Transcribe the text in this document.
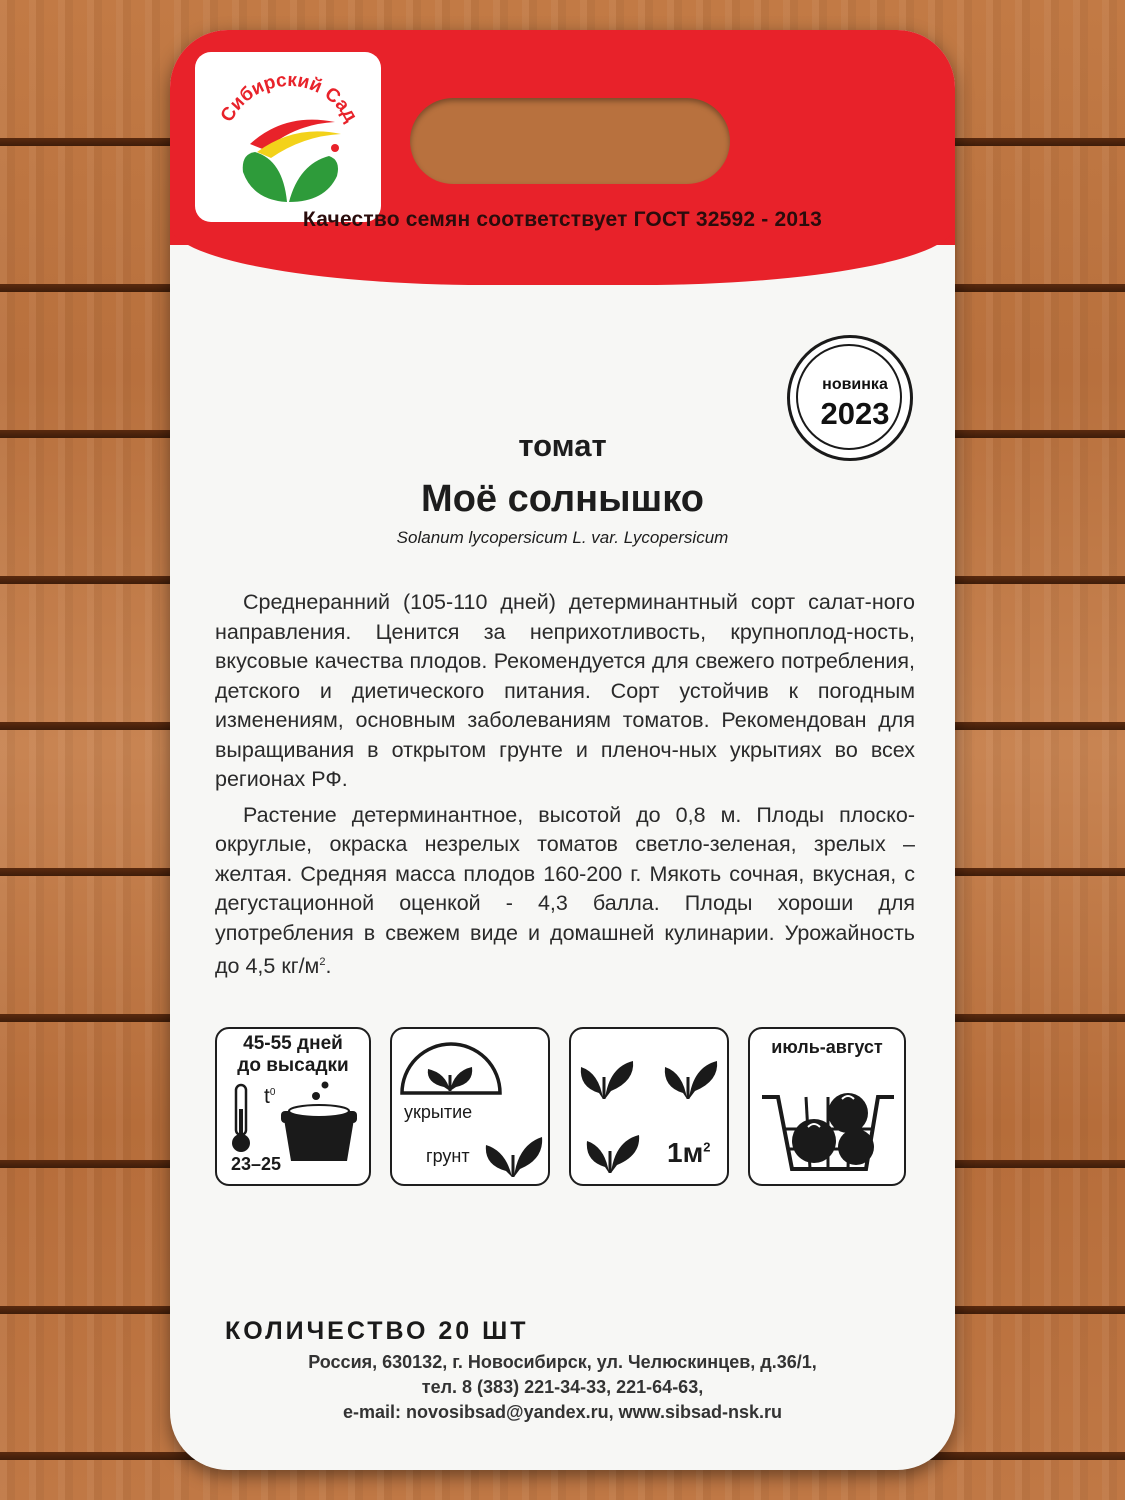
Сибирский Сад
Качество семян соответствует ГОСТ 32592 - 2013
новинка
2023
томат
Моё солнышко
Solanum lycopersicum L. var. Lycopersicum

Среднеранний (105-110 дней) детерминантный сорт салат-ного направления. Ценится за неприхотливость, крупноплод-ность, вкусовые качества плодов. Рекомендуется для свежего потребления, детского и диетического питания. Сорт устойчив к погодным изменениям, основным заболеваниям томатов. Рекомендован для выращивания в открытом грунте и пленоч-ных укрытиях во всех регионах РФ.

Растение детерминантное, высотой до 0,8 м. Плоды плоско-округлые, окраска незрелых томатов светло-зеленая, зрелых – желтая. Средняя масса плодов 160-200 г. Мякоть сочная, вкусная, с дегустационной оценкой - 4,3 балла. Плоды хороши для употребления в свежем виде и домашней кулинарии. Урожайность до 4,5 $кг/м^2$.

45-55 дней
до высадки
$t^0$
23–25
укрытие
грунт	$1м^2$
июль-август
КОЛИЧЕСТВО 20 ШТ
Россия, 630132, г. Новосибирск, ул. Челюскинцев, д.36/1,
тел. 8 (383) 221-34-33, 221-64-63,
e-mail: novosibsad@yandex.ru, www.sibsad-nsk.ru
